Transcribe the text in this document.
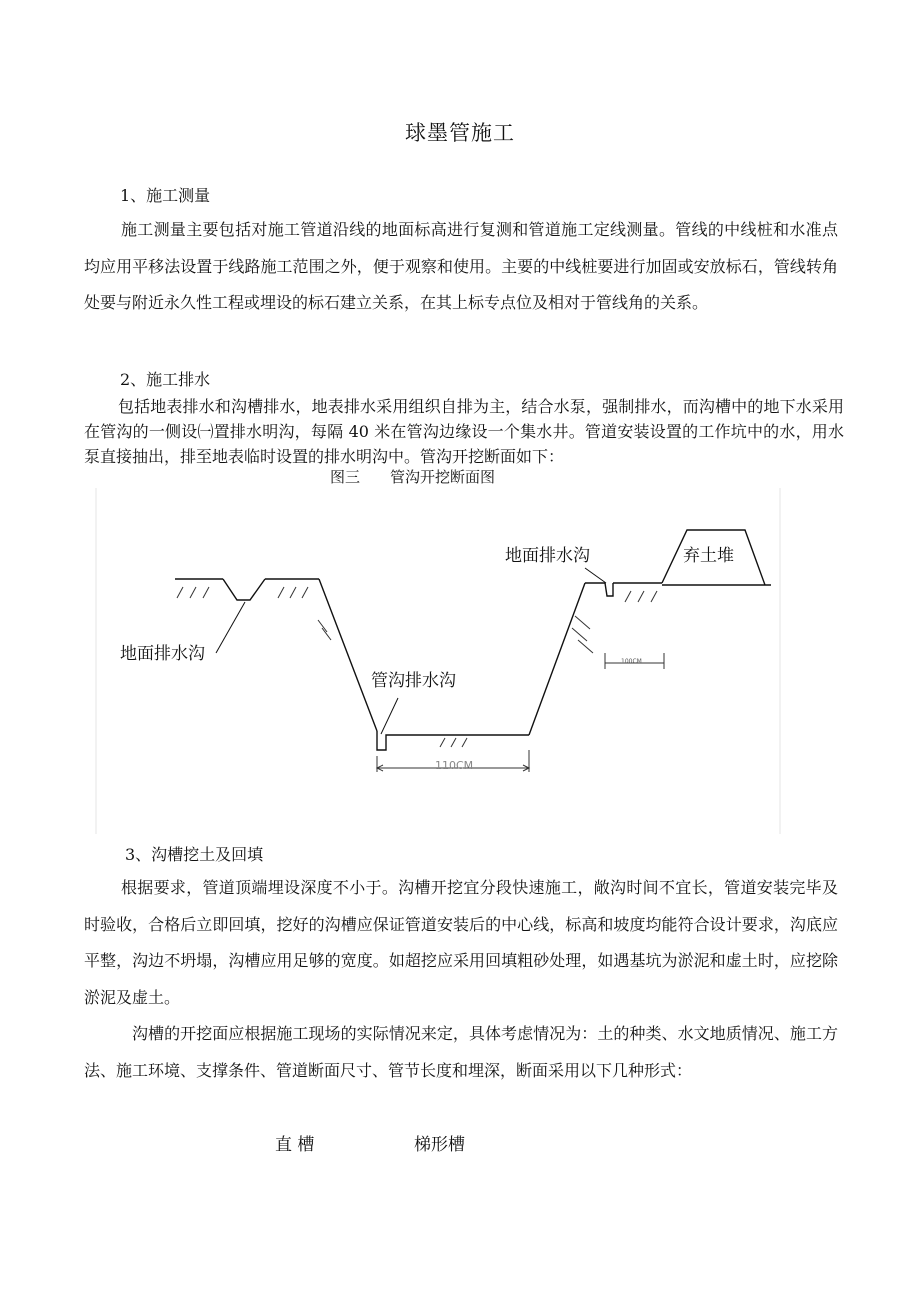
球墨管施工
1、施工测量

施工测量主要包括对施工管道沿线的地面标高进行复测和管道施工定线测量。管线的中线桩和水准点均应用平移法设置于线路施工范围之外，便于观察和使用。主要的中线桩要进行加固或安放标石，管线转角处要与附近永久性工程或埋设的标石建立关系，在其上标专点位及相对于管线角的关系。

2、施工排水

包括地表排水和沟槽排水，地表排水采用组织自排为主，结合水泵，强制排水，而沟槽中的地下水采用在管沟的一侧设㈠置排水明沟，每隔 40 米在管沟边缘设一个集水井。管道安装设置的工作坑中的水，用水泵直接抽出，排至地表临时设置的排水明沟中。管沟开挖断面如下：

图三 管沟开挖断面图
110CM
100CM
地面排水沟
管沟排水沟
地面排水沟	弃土堆
3、沟槽挖土及回填

根据要求，管道顶端埋设深度不小于。沟槽开挖宜分段快速施工，敞沟时间不宜长，管道安装完毕及时验收，合格后立即回填，挖好的沟槽应保证管道安装后的中心线，标高和坡度均能符合设计要求，沟底应平整，沟边不坍塌，沟槽应用足够的宽度。如超挖应采用回填粗砂处理，如遇基坑为淤泥和虚土时，应挖除淤泥及虚土。

沟槽的开挖面应根据施工现场的实际情况来定，具体考虑情况为：土的种类、水文地质情况、施工方法、施工环境、支撑条件、管道断面尺寸、管节长度和埋深，断面采用以下几种形式：

直 槽	梯形槽
